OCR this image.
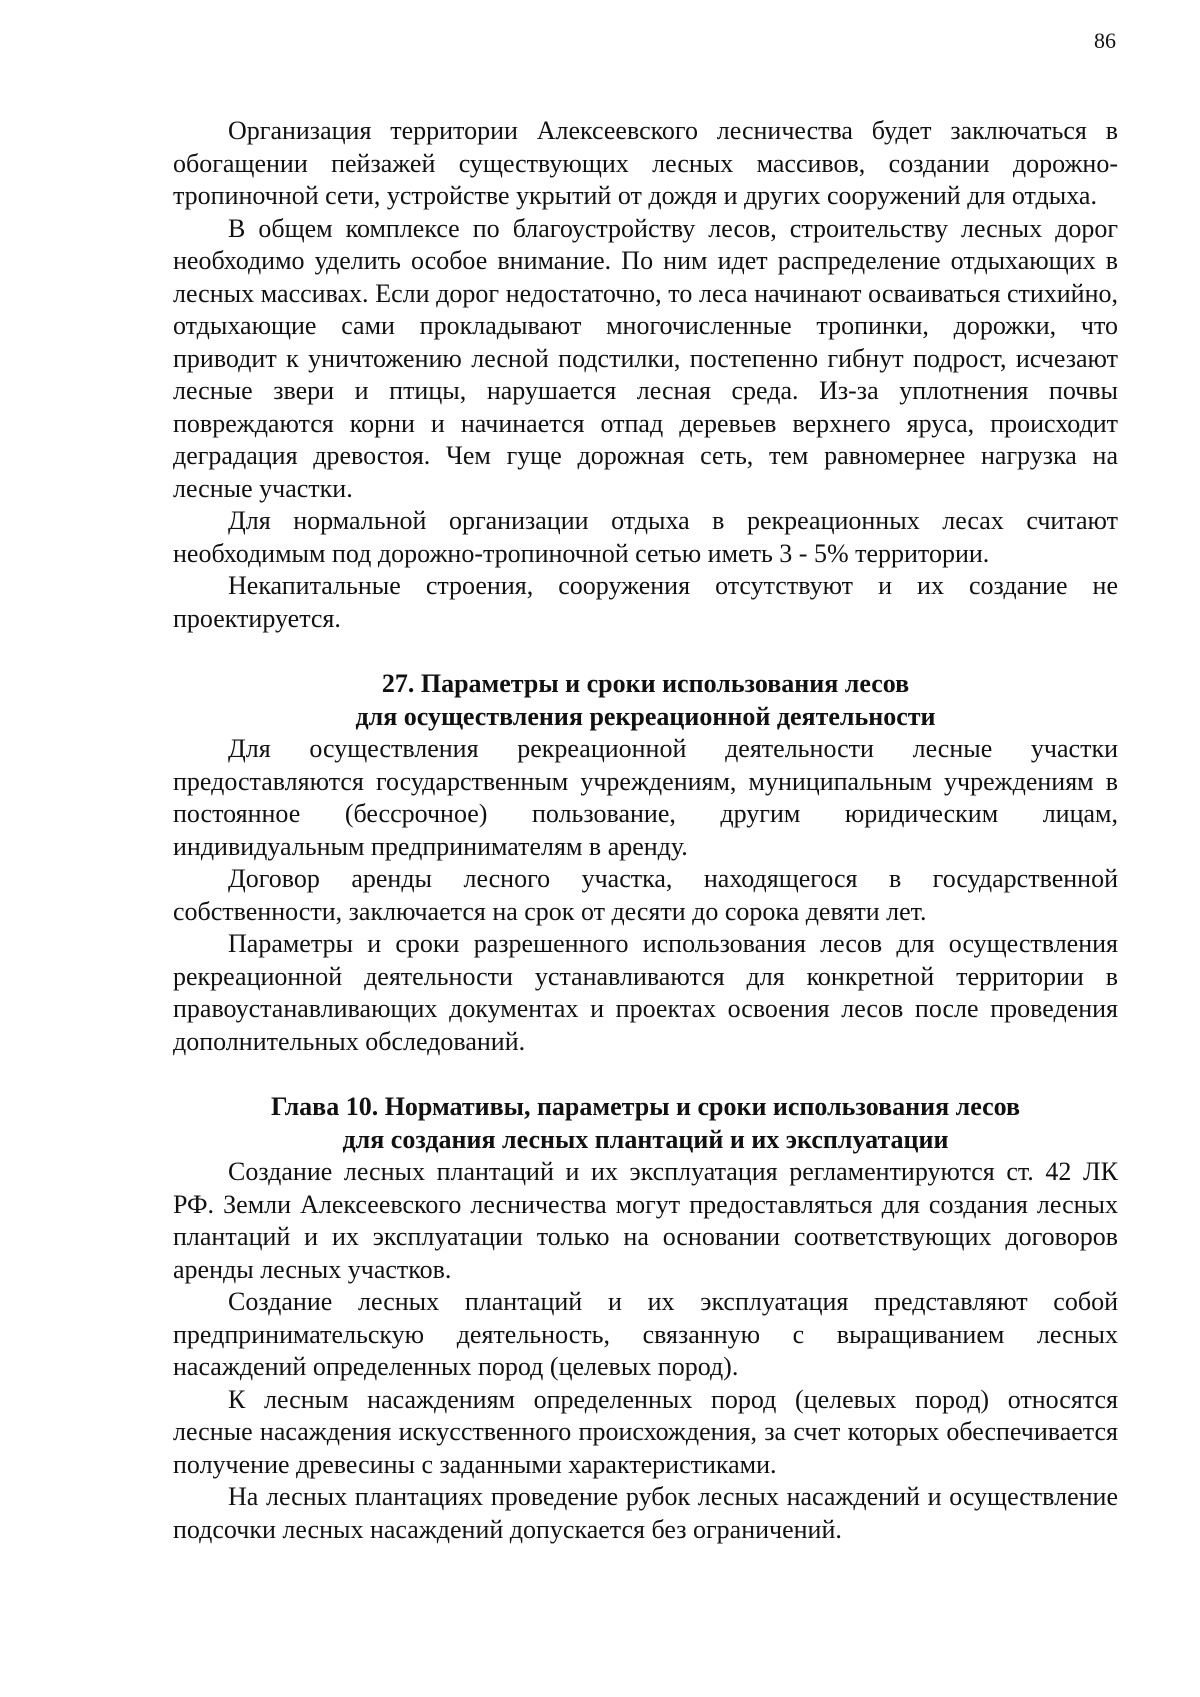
86

Организация территории Алексеевского лесничества будет заключаться в обогащении пейзажей существующих лесных массивов, создании дорожно-тропиночной сети, устройстве укрытий от дождя и других сооружений для отдыха.

В общем комплексе по благоустройству лесов, строительству лесных дорог необходимо уделить особое внимание. По ним идет распределение отдыхающих в лесных массивах. Если дорог недостаточно, то леса начинают осваиваться стихийно, отдыхающие сами прокладывают многочисленные тропинки, дорожки, что приводит к уничтожению лесной подстилки, постепенно гибнут подрост, исчезают лесные звери и птицы, нарушается лесная среда. Из-за уплотнения почвы повреждаются корни и начинается отпад деревьев верхнего яруса, происходит деградация древостоя. Чем гуще дорожная сеть, тем равномернее нагрузка на лесные участки.

Для нормальной организации отдыха в рекреационных лесах считают необходимым под дорожно-тропиночной сетью иметь 3 - 5% территории.

Некапитальные строения, сооружения отсутствуют и их создание не проектируется.

27. Параметры и сроки использования лесов
для осуществления рекреационной деятельности

Для осуществления рекреационной деятельности лесные участки предоставляются государственным учреждениям, муниципальным учреждениям в постоянное (бессрочное) пользование, другим юридическим лицам, индивидуальным предпринимателям в аренду.

Договор аренды лесного участка, находящегося в государственной собственности, заключается на срок от десяти до сорока девяти лет.

Параметры и сроки разрешенного использования лесов для осуществления рекреационной деятельности устанавливаются для конкретной территории в правоустанавливающих документах и проектах освоения лесов после проведения дополнительных обследований.

Глава 10. Нормативы, параметры и сроки использования лесов
для создания лесных плантаций и их эксплуатации

Создание лесных плантаций и их эксплуатация регламентируются ст. 42 ЛК РФ. Земли Алексеевского лесничества могут предоставляться для создания лесных плантаций и их эксплуатации только на основании соответствующих договоров аренды лесных участков.

Создание лесных плантаций и их эксплуатация представляют собой предпринимательскую деятельность, связанную с выращиванием лесных насаждений определенных пород (целевых пород).

К лесным насаждениям определенных пород (целевых пород) относятся лесные насаждения искусственного происхождения, за счет которых обеспечивается получение древесины с заданными характеристиками.

На лесных плантациях проведение рубок лесных насаждений и осуществление подсочки лесных насаждений допускается без ограничений.
